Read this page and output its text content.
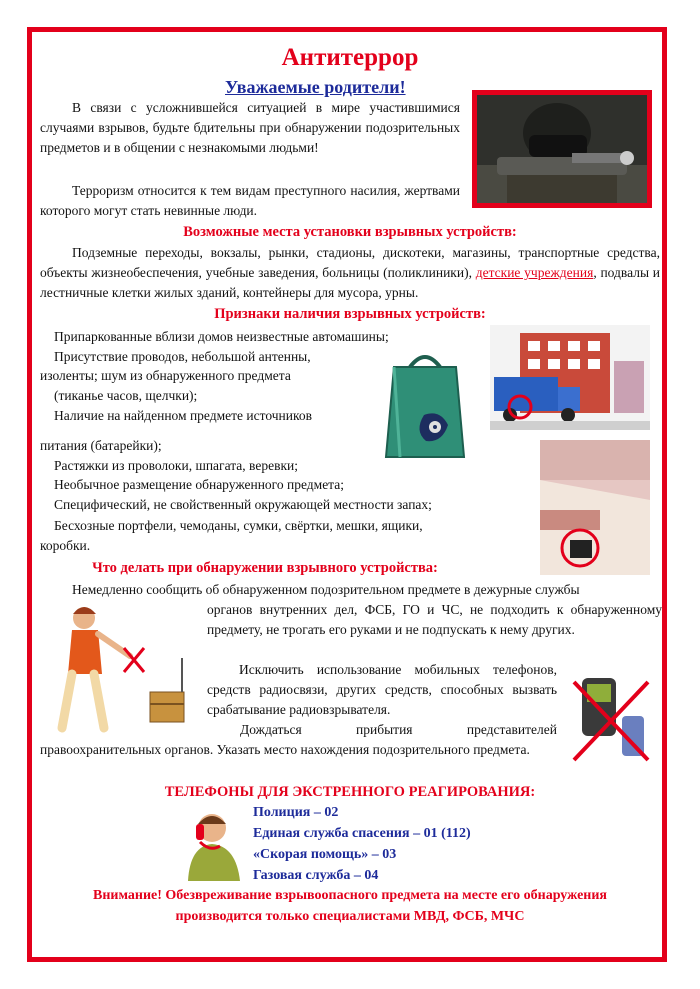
Антитеррор
Уважаемые родители!
В связи с усложнившейся ситуацией в мире участившимися случаями взрывов, будьте бдительны при обнаружении подозрительных предметов и в общении с незнакомыми людьми!
Терроризм относится к тем видам преступного насилия, жертвами которого могут стать невинные люди.
Возможные места установки взрывных устройств:
Подземные переходы, вокзалы, рынки, стадионы, дискотеки, магазины, транспортные средства, объекты жизнеобеспечения, учебные заведения, больницы (поликлиники), детские учреждения, подвалы и лестничные клетки жилых зданий, контейнеры для мусора, урны.
Признаки наличия взрывных устройств:
Припаркованные вблизи домов неизвестные автомашины;
Присутствие проводов, небольшой антенны,
изоленты; шум из обнаруженного предмета
(тиканье часов, щелчки);
Наличие на найденном предмете источников
питания (батарейки);
Растяжки из проволоки, шпагата, веревки;
Необычное размещение обнаруженного предмета;
Специфический, не свойственный окружающей местности запах;
Бесхозные портфели, чемоданы, сумки, свёртки, мешки, ящики,
коробки.
Что делать при обнаружении взрывного устройства:
Немедленно сообщить об обнаруженном подозрительном предмете в дежурные службы
органов внутренних дел, ФСБ, ГО и ЧС, не подходить к обнаруженному предмету, не трогать его руками и не подпускать к нему других.
Исключить использование мобильных телефонов, средств радиосвязи, других средств, способных вызвать срабатывание радиовзрывателя.
Дождаться прибытия представителей
правоохранительных органов. Указать место нахождения подозрительного предмета.
ТЕЛЕФОНЫ ДЛЯ ЭКСТРЕННОГО РЕАГИРОВАНИЯ:
Полиция – 02
Единая служба спасения – 01 (112)
«Скорая помощь» – 03
Газовая служба – 04
Внимание! Обезвреживание взрывоопасного предмета на месте его обнаружения
производится только специалистами МВД, ФСБ, МЧС
